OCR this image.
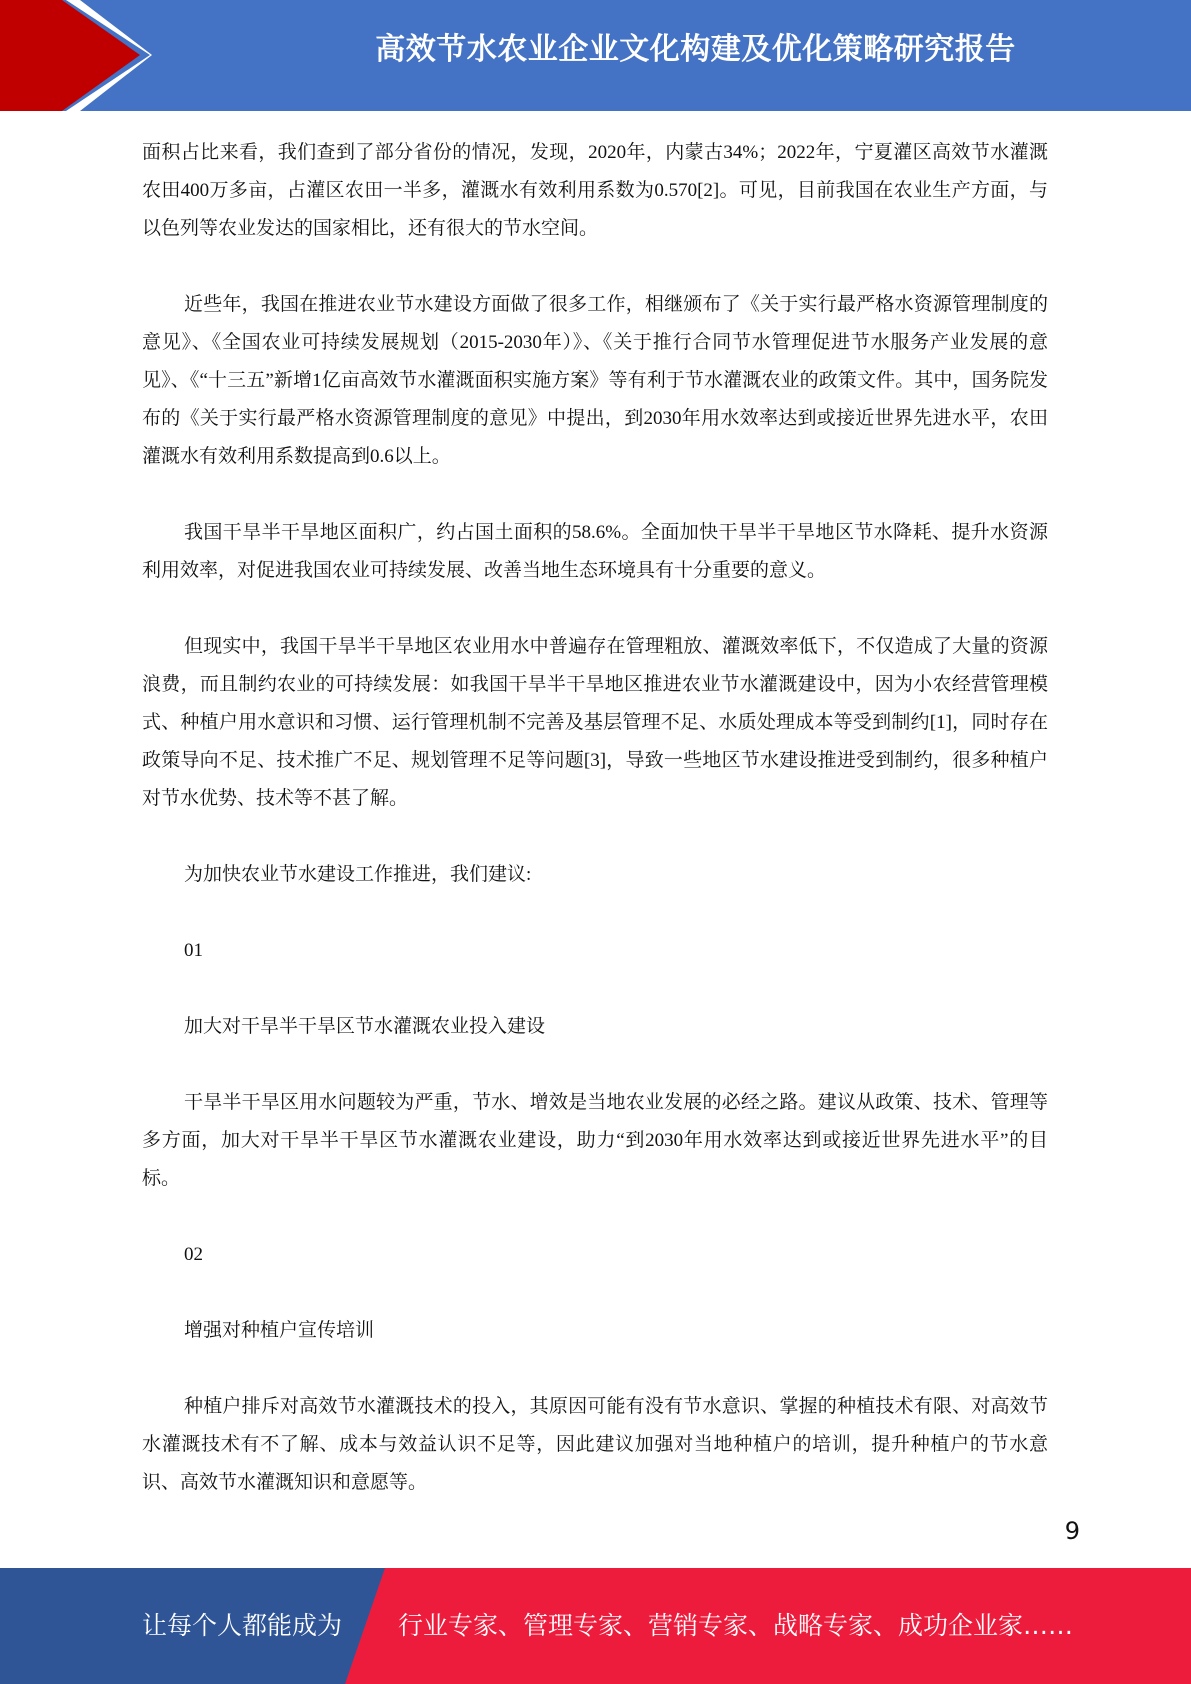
高效节水农业企业文化构建及优化策略研究报告

面积占比来看，我们查到了部分省份的情况，发现，2020年，内蒙古34%；2022年，宁夏灌区高效节水灌溉农田400万多亩，占灌区农田一半多，灌溉水有效利用系数为0.570[2]。可见，目前我国在农业生产方面，与以色列等农业发达的国家相比，还有很大的节水空间。

近些年，我国在推进农业节水建设方面做了很多工作，相继颁布了《关于实行最严格水资源管理制度的意见》、《全国农业可持续发展规划（2015-2030年）》、《关于推行合同节水管理促进节水服务产业发展的意见》、《“十三五”新增1亿亩高效节水灌溉面积实施方案》等有利于节水灌溉农业的政策文件。其中，国务院发布的《关于实行最严格水资源管理制度的意见》中提出，到2030年用水效率达到或接近世界先进水平，农田灌溉水有效利用系数提高到0.6以上。

我国干旱半干旱地区面积广，约占国土面积的58.6%。全面加快干旱半干旱地区节水降耗、提升水资源利用效率，对促进我国农业可持续发展、改善当地生态环境具有十分重要的意义。

但现实中，我国干旱半干旱地区农业用水中普遍存在管理粗放、灌溉效率低下，不仅造成了大量的资源浪费，而且制约农业的可持续发展：如我国干旱半干旱地区推进农业节水灌溉建设中，因为小农经营管理模式、种植户用水意识和习惯、运行管理机制不完善及基层管理不足、水质处理成本等受到制约[1]，同时存在政策导向不足、技术推广不足、规划管理不足等问题[3]，导致一些地区节水建设推进受到制约，很多种植户对节水优势、技术等不甚了解。

为加快农业节水建设工作推进，我们建议:

01

加大对干旱半干旱区节水灌溉农业投入建设

干旱半干旱区用水问题较为严重，节水、增效是当地农业发展的必经之路。建议从政策、技术、管理等多方面，加大对干旱半干旱区节水灌溉农业建设，助力“到2030年用水效率达到或接近世界先进水平”的目标。

02

增强对种植户宣传培训

种植户排斥对高效节水灌溉技术的投入，其原因可能有没有节水意识、掌握的种植技术有限、对高效节水灌溉技术有不了解、成本与效益认识不足等，因此建议加强对当地种植户的培训，提升种植户的节水意识、高效节水灌溉知识和意愿等。

9
让每个人都能成为 行业专家、管理专家、营销专家、战略专家、成功企业家……
